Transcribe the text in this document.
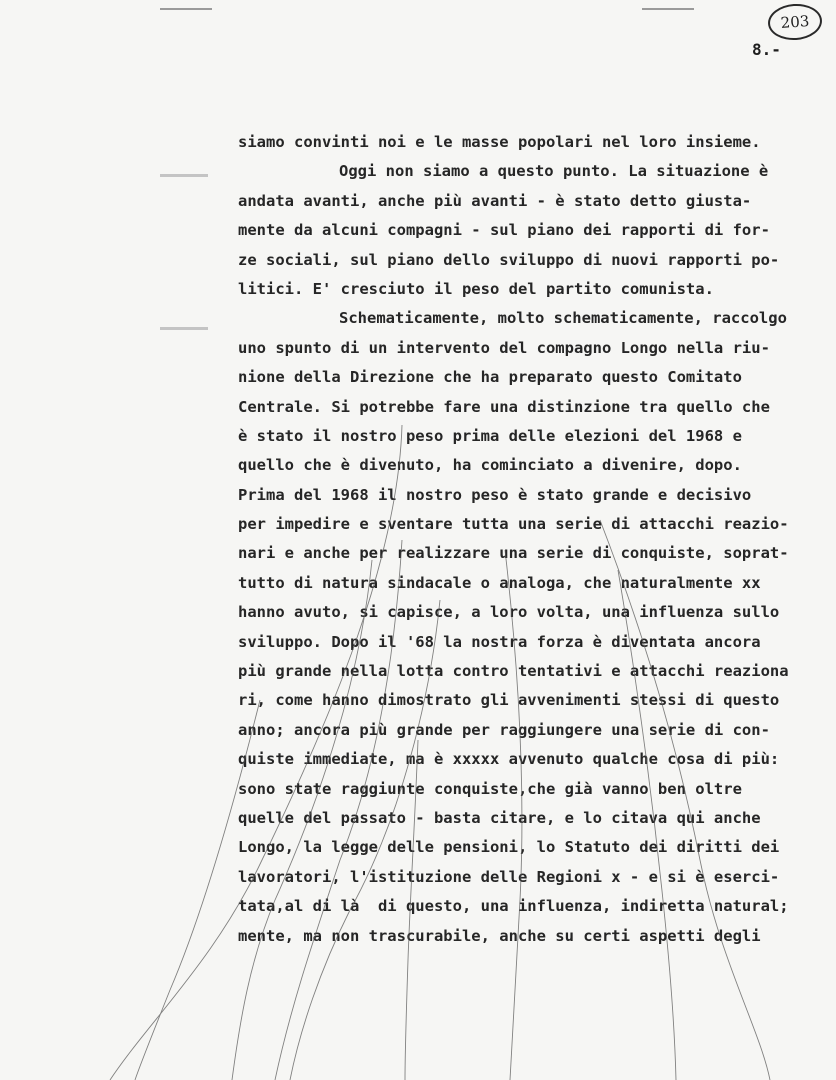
203
8.-
siamo convinti noi e le masse popolari nel loro insieme.
Oggi non siamo a questo punto. La situazione è
andata avanti, anche più avanti - è stato detto giusta-
mente da alcuni compagni - sul piano dei rapporti di for-
ze sociali, sul piano dello sviluppo di nuovi rapporti po-
litici. E' cresciuto il peso del partito comunista.
Schematicamente, molto schematicamente, raccolgo
uno spunto di un intervento del compagno Longo nella riu-
nione della Direzione che ha preparato questo Comitato
Centrale. Si potrebbe fare una distinzione tra quello che
è stato il nostro peso prima delle elezioni del 1968 e
quello che è divenuto, ha cominciato a divenire, dopo.
Prima del 1968 il nostro peso è stato grande e decisivo
per impedire e sventare tutta una serie di attacchi reazio-
nari e anche per realizzare una serie di conquiste, soprat-
tutto di natura sindacale o analoga, che naturalmente xx
hanno avuto, si capisce, a loro volta, una influenza sullo
sviluppo. Dopo il '68 la nostra forza è diventata ancora
più grande nella lotta contro tentativi e attacchi reaziona
ri, come hanno dimostrato gli avvenimenti stessi di questo
anno; ancora più grande per raggiungere una serie di con-
quiste immediate, ma è xxxxx avvenuto qualche cosa di più:
sono state raggiunte conquiste,che già vanno ben oltre
quelle del passato - basta citare, e lo citava qui anche
Longo, la legge delle pensioni, lo Statuto dei diritti dei
lavoratori, l'istituzione delle Regioni x - e si è eserci-
tata,al di là  di questo, una influenza, indiretta natural;
mente, ma non trascurabile, anche su certi aspetti degli
